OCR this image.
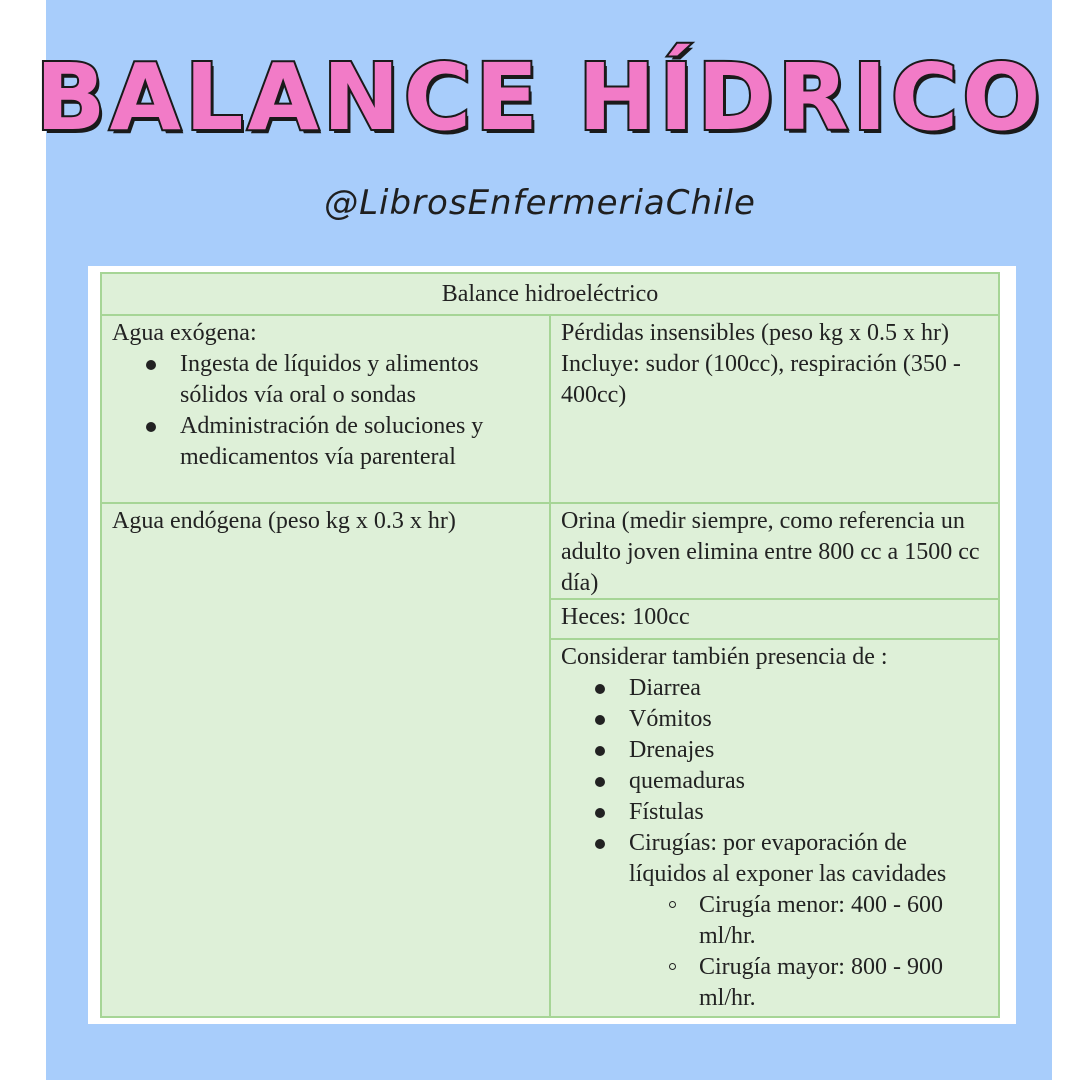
BALANCE HÍDRICO
@LibrosEnfermeriaChile
Balance hidroeléctrico

Agua exógena:

Ingesta de líquidos y alimentos sólidos vía oral o sondas
Administración de soluciones y medicamentos vía parenteral

Pérdidas insensibles (peso kg x 0.5 x hr)

Incluye: sudor (100cc), respiración (350 - 400cc)

Agua endógena (peso kg x 0.3 x hr)	Orina (medir siempre, como referencia un adulto joven elimina entre 800 cc a 1500 cc día)

Heces: 100cc

Considerar también presencia de :

Diarrea
Vómitos
Drenajes
quemaduras
Fístulas
Cirugías: por evaporación de líquidos al exponer las cavidades
Cirugía menor: 400 - 600 ml/hr.
Cirugía mayor: 800 - 900 ml/hr.
